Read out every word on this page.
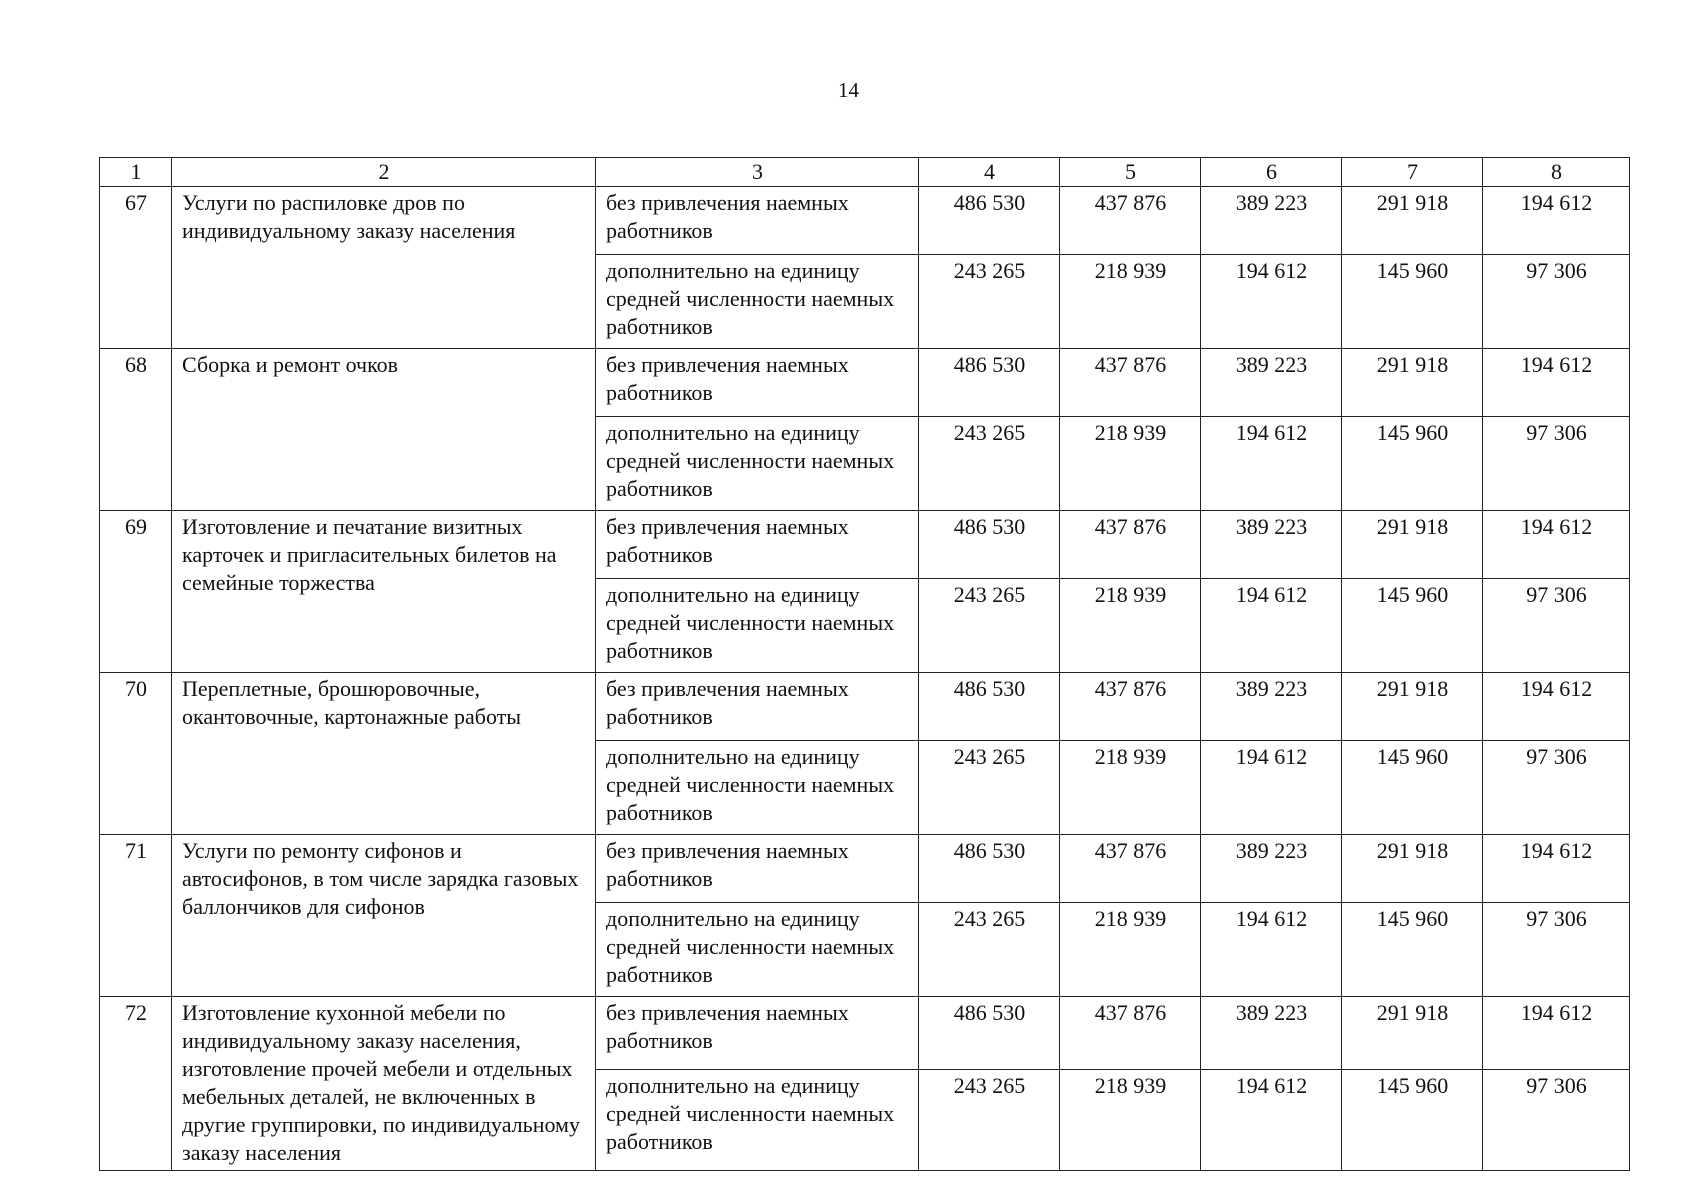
14
1	2	3	4	5	6	7	8
67	Услуги по распиловке дров по индивидуальному заказу населения	без привлечения наемных работников	486 530	437 876	389 223	291 918	194 612
		дополнительно на единицу средней численности наемных работников	243 265	218 939	194 612	145 960	97 306
68	Сборка и ремонт очков	без привлечения наемных работников	486 530	437 876	389 223	291 918	194 612
		дополнительно на единицу средней численности наемных работников	243 265	218 939	194 612	145 960	97 306
69	Изготовление и печатание визитных карточек и пригласительных билетов на семейные торжества	без привлечения наемных работников	486 530	437 876	389 223	291 918	194 612
		дополнительно на единицу средней численности наемных работников	243 265	218 939	194 612	145 960	97 306
70	Переплетные, брошюровочные, окантовочные, картонажные работы	без привлечения наемных работников	486 530	437 876	389 223	291 918	194 612
		дополнительно на единицу средней численности наемных работников	243 265	218 939	194 612	145 960	97 306
71	Услуги по ремонту сифонов и автосифонов, в том числе зарядка газовых баллончиков для сифонов	без привлечения наемных работников	486 530	437 876	389 223	291 918	194 612
		дополнительно на единицу средней численности наемных работников	243 265	218 939	194 612	145 960	97 306
72	Изготовление кухонной мебели по индивидуальному заказу населения, изготовление прочей мебели и отдельных мебельных деталей, не включенных в другие группировки, по индивидуальному заказу населения	без привлечения наемных работников	486 530	437 876	389 223	291 918	194 612
		дополнительно на единицу средней численности наемных работников	243 265	218 939	194 612	145 960	97 306
